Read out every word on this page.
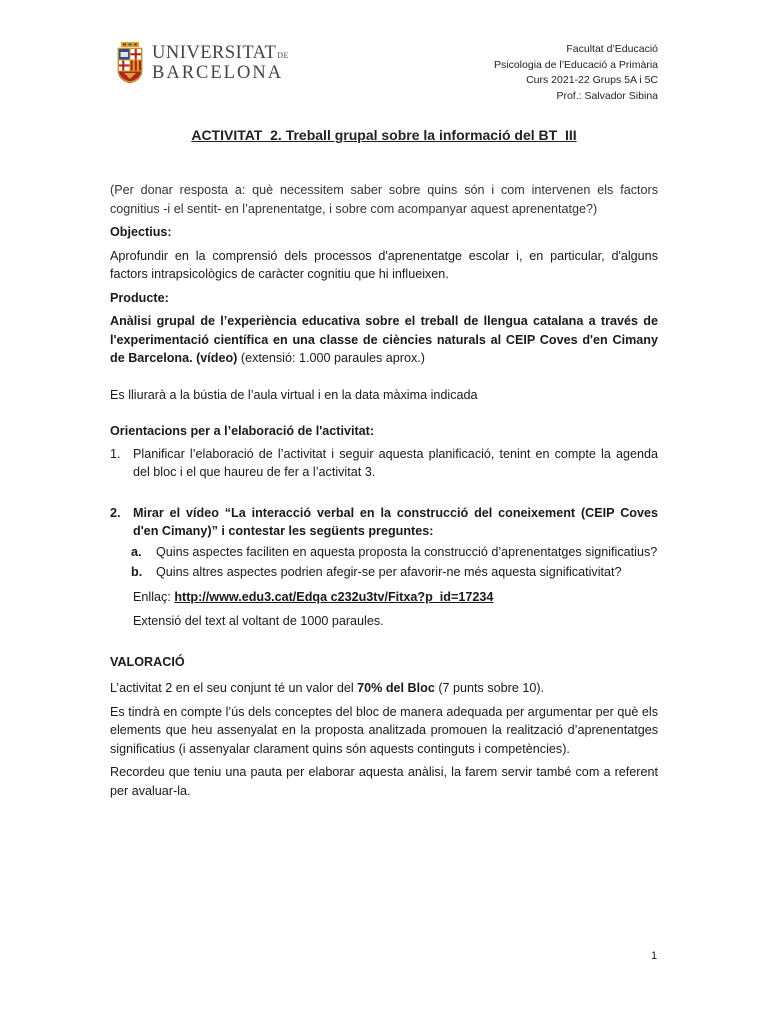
UNIVERSITAT DE
BARCELONA
Facultat d’Educació
Psicologia de l’Educació a Primària
Curs 2021-22 Grups 5A i 5C
Prof.: Salvador Sibina
ACTIVITAT_2. Treball grupal sobre la informació del BT_III

(Per donar resposta a: què necessitem saber sobre quins són i com intervenen els factors cognitius -i el sentit- en l’aprenentatge, i sobre com acompanyar aquest aprenentatge?)

Objectius:

Aprofundir en la comprensió dels processos d'aprenentatge escolar i, en particular, d'alguns factors intrapsicològics de caràcter cognitiu que hi influeixen.

Producte:

Anàlisi grupal de l’experiència educativa sobre el treball de llengua catalana a través de l'experimentació científica en una classe de ciències naturals al CEIP Coves d'en Cimany de Barcelona. (vídeo) (extensió: 1.000 paraules aprox.)

Es lliurarà a la bústia de l’aula virtual i en la data màxima indicada

Orientacions per a l’elaboració de l'activitat:

1. Planificar l’elaboració de l’activitat i seguir aquesta planificació, tenint en compte la agenda del bloc i el que haureu de fer a l’activitat 3.
2. Mirar el vídeo “La interacció verbal en la construcció del coneixement (CEIP Coves d'en Cimany)” i contestar les següents preguntes:
a. Quins aspectes faciliten en aquesta proposta la construcció d’aprenentatges significatius?
b. Quins altres aspectes podrien afegir-se per afavorir-ne més aquesta significativitat?
Enllaç: http://www.edu3.cat/Edqa c232u3tv/Fitxa?p_id=17234
Extensió del text al voltant de 1000 paraules.

VALORACIÓ

L’activitat 2 en el seu conjunt té un valor del 70% del Bloc (7 punts sobre 10).

Es tindrà en compte l’ús dels conceptes del bloc de manera adequada per argumentar per què els elements que heu assenyalat en la proposta analitzada promouen la realització d’aprenentatges significatius (i assenyalar clarament quins són aquests continguts i competències).

Recordeu que teniu una pauta per elaborar aquesta anàlisi, la farem servir també com a referent per avaluar-la.

1
